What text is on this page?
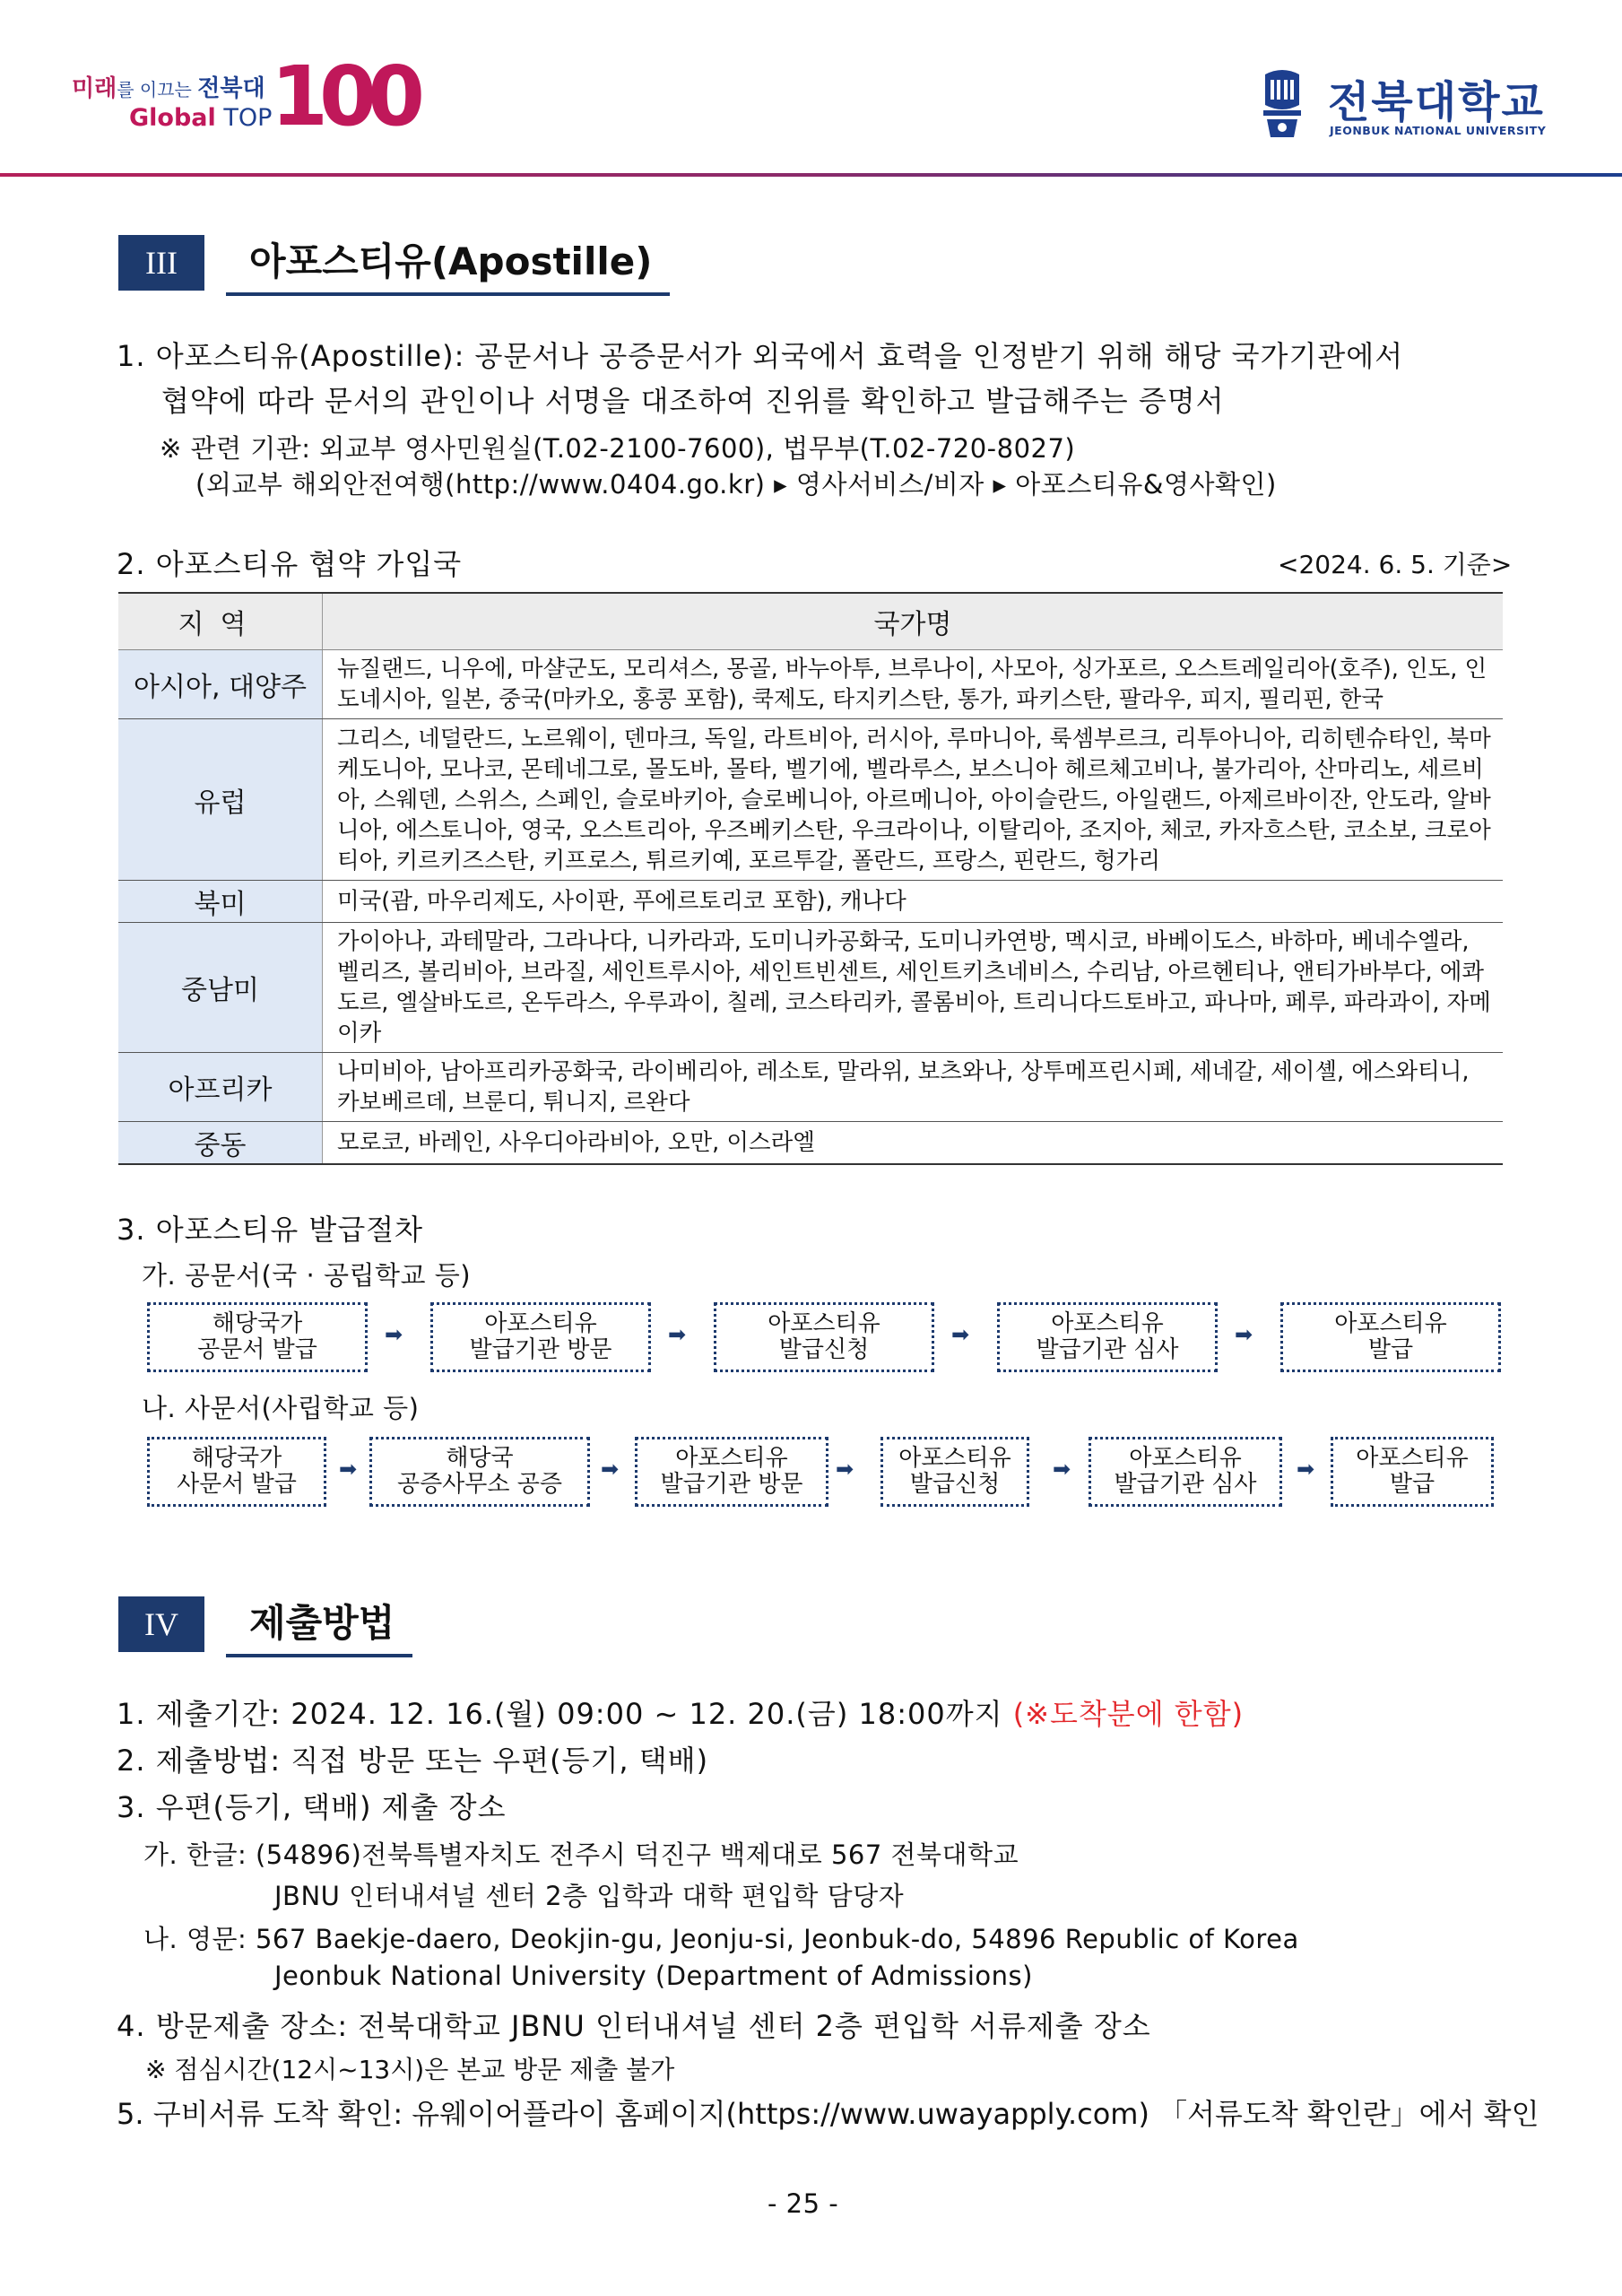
미래를 이끄는 전북대
Global TOP
100	전북대학교
JEONBUK NATIONAL UNIVERSITY
III	아포스티유(Apostille)
1. 아포스티유(Apostille): 공문서나 공증문서가 외국에서 효력을 인정받기 위해 해당 국가기관에서
협약에 따라 문서의 관인이나 서명을 대조하여 진위를 확인하고 발급해주는 증명서
※ 관련 기관: 외교부 영사민원실(T.02-2100-7600), 법무부(T.02-720-8027)
(외교부 해외안전여행(http://www.0404.go.kr) ▸ 영사서비스/비자 ▸ 아포스티유&영사확인)
2. 아포스티유 협약 가입국	<2024. 6. 5. 기준>
지역	국가명
아시아, 대양주	뉴질랜드, 니우에, 마샬군도, 모리셔스, 몽골, 바누아투, 브루나이, 사모아, 싱가포르, 오스트레일리아(호주), 인도, 인도네시아, 일본, 중국(마카오, 홍콩 포함), 쿡제도, 타지키스탄, 통가, 파키스탄, 팔라우, 피지, 필리핀, 한국
유럽	그리스, 네덜란드, 노르웨이, 덴마크, 독일, 라트비아, 러시아, 루마니아, 룩셈부르크, 리투아니아, 리히텐슈타인, 북마케도니아, 모나코, 몬테네그로, 몰도바, 몰타, 벨기에, 벨라루스, 보스니아 헤르체고비나, 불가리아, 산마리노, 세르비아, 스웨덴, 스위스, 스페인, 슬로바키아, 슬로베니아, 아르메니아, 아이슬란드, 아일랜드, 아제르바이잔, 안도라, 알바니아, 에스토니아, 영국, 오스트리아, 우즈베키스탄, 우크라이나, 이탈리아, 조지아, 체코, 카자흐스탄, 코소보, 크로아티아, 키르키즈스탄, 키프로스, 튀르키예, 포르투갈, 폴란드, 프랑스, 핀란드, 헝가리
북미	미국(괌, 마우리제도, 사이판, 푸에르토리코 포함), 캐나다
중남미	가이아나, 과테말라, 그라나다, 니카라과, 도미니카공화국, 도미니카연방, 멕시코, 바베이도스, 바하마, 베네수엘라, 벨리즈, 볼리비아, 브라질, 세인트루시아, 세인트빈센트, 세인트키츠네비스, 수리남, 아르헨티나, 앤티가바부다, 에콰도르, 엘살바도르, 온두라스, 우루과이, 칠레, 코스타리카, 콜롬비아, 트리니다드토바고, 파나마, 페루, 파라과이, 자메이카
아프리카	나미비아, 남아프리카공화국, 라이베리아, 레소토, 말라위, 보츠와나, 상투메프린시페, 세네갈, 세이셸, 에스와티니, 카보베르데, 브룬디, 튀니지, 르완다
중동	모로코, 바레인, 사우디아라비아, 오만, 이스라엘
3. 아포스티유 발급절차
가. 공문서(국 · 공립학교 등)
해당국가
공문서 발급
➡	아포스티유
발급기관 방문
➡	아포스티유
발급신청
➡	아포스티유
발급기관 심사
➡	아포스티유
발급
나. 사문서(사립학교 등)
해당국가
사문서 발급
➡	해당국
공증사무소 공증
➡	아포스티유
발급기관 방문
➡	아포스티유
발급신청
➡	아포스티유
발급기관 심사
➡	아포스티유
발급
IV	제출방법
1. 제출기간: 2024. 12. 16.(월) 09:00 ~ 12. 20.(금) 18:00까지 (※도착분에 한함)
2. 제출방법: 직접 방문 또는 우편(등기, 택배)
3. 우편(등기, 택배) 제출 장소
가. 한글: (54896)전북특별자치도 전주시 덕진구 백제대로 567 전북대학교
JBNU 인터내셔널 센터 2층 입학과 대학 편입학 담당자
나. 영문: 567 Baekje-daero, Deokjin-gu, Jeonju-si, Jeonbuk-do, 54896 Republic of Korea
Jeonbuk National University (Department of Admissions)
4. 방문제출 장소: 전북대학교 JBNU 인터내셔널 센터 2층 편입학 서류제출 장소
※ 점심시간(12시~13시)은 본교 방문 제출 불가
5. 구비서류 도착 확인: 유웨이어플라이 홈페이지(https://www.uwayapply.com) 「서류도착 확인란」에서 확인
- 25 -
